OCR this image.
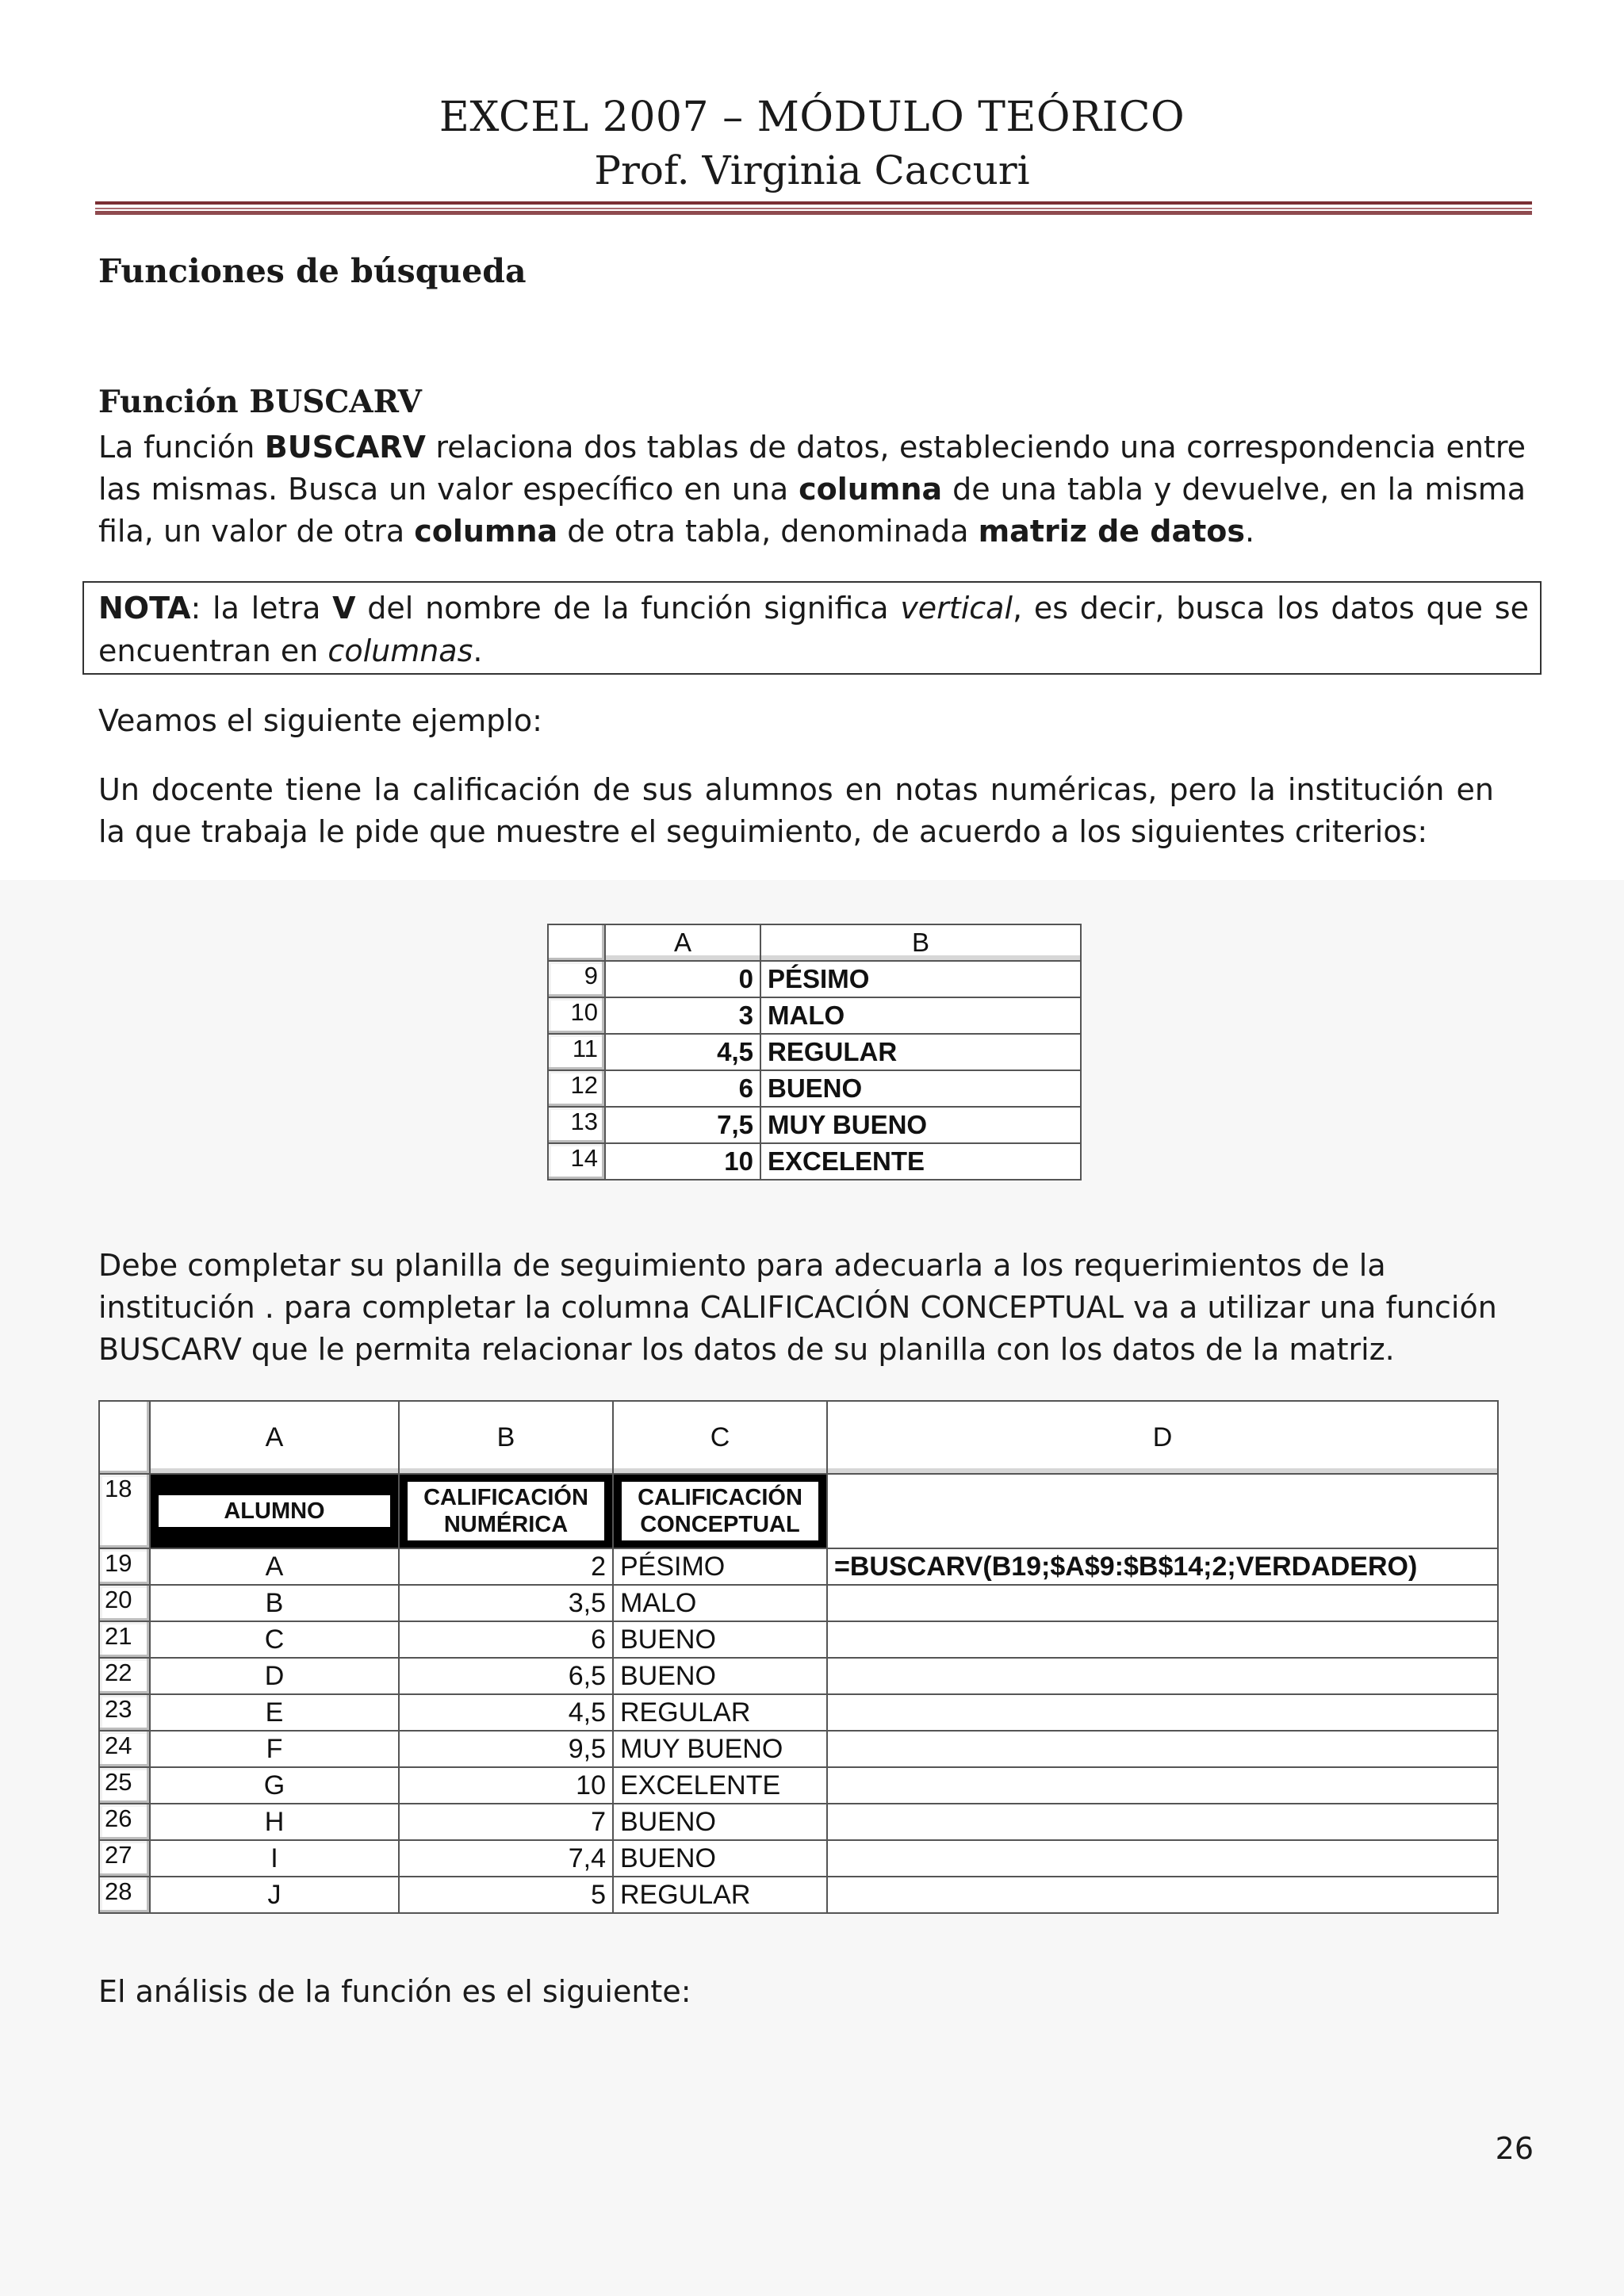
EXCEL 2007 – MÓDULO TEÓRICO
Prof. Virginia Caccuri
Funciones de búsqueda
Función BUSCARV
La función BUSCARV relaciona dos tablas de datos, estableciendo una correspondencia entre las mismas. Busca un valor específico en una columna de una tabla y devuelve, en la misma fila, un valor de otra columna de otra tabla, denominada matriz de datos.
NOTA: la letra V del nombre de la función significa vertical, es decir, busca los datos que se encuentran en columnas.
Veamos el siguiente ejemplo:
Un docente tiene la calificación de sus alumnos en notas numéricas, pero la institución en la que trabaja le pide que muestre el seguimiento, de acuerdo a los siguientes criterios:
	A	B
9	0	PÉSIMO
10	3	MALO
11	4,5	REGULAR
12	6	BUENO
13	7,5	MUY BUENO
14	10	EXCELENTE
Debe completar su planilla de seguimiento para adecuarla a los requerimientos de la institución . para completar la columna CALIFICACIÓN CONCEPTUAL va a utilizar una función BUSCARV que le permita relacionar los datos de su planilla con los datos de la matriz.
	A	B	C	D
18	ALUMNO	CALIFICACIÓN NUMÉRICA	CALIFICACIÓN CONCEPTUAL	

19	A	2	PÉSIMO	=BUSCARV(B19;$A$9:$B$14;2;VERDADERO)
20	B	3,5	MALO	
21	C	6	BUENO	
22	D	6,5	BUENO	
23	E	4,5	REGULAR	
24	F	9,5	MUY BUENO	
25	G	10	EXCELENTE	
26	H	7	BUENO	
27	I	7,4	BUENO	
28	J	5	REGULAR	
El análisis de la función es el siguiente:
26
